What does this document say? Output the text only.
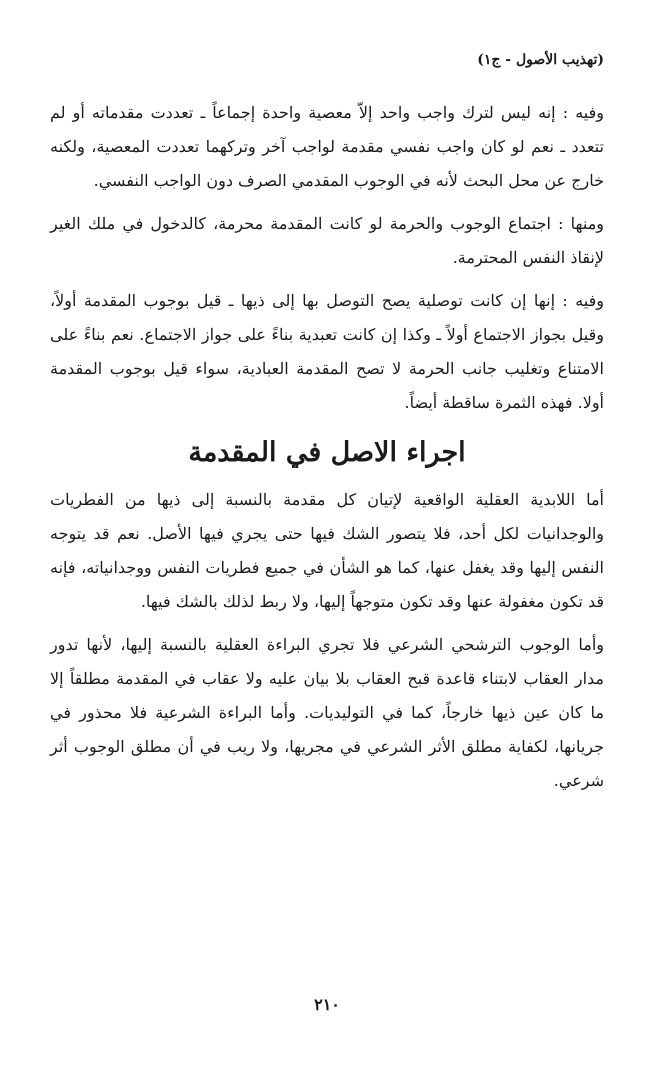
(تهذيب الأصول - ج١)

وفيه : إنه ليس لترك واجب واحد إلاّ معصية واحدة إجماعاً ـ تعددت مقدماته أو لم تتعدد ـ نعم لو كان واجب نفسي مقدمة لواجب آخر وتركهما تعددت المعصية، ولكنه خارج عن محل البحث لأنه في الوجوب المقدمي الصرف دون الواجب النفسي.

ومنها : اجتماع الوجوب والحرمة لو كانت المقدمة محرمة، كالدخول في ملك الغير لإنقاذ النفس المحترمة.

وفيه : إنها إن كانت توصلية يصح التوصل بها إلى ذيها ـ قيل بوجوب المقدمة أولاً، وقيل بجواز الاجتماع أولاً ـ وكذا إن كانت تعبدية بناءً على جواز الاجتماع. نعم بناءً على الامتناع وتغليب جانب الحرمة لا تصح المقدمة العبادية، سواء قيل بوجوب المقدمة أولا. فهذه الثمرة ساقطة أيضاً.

اجراء الاصل في المقدمة

أما اللابدية العقلية الواقعية لإتيان كل مقدمة بالنسبة إلى ذيها من الفطريات والوجدانيات لكل أحد، فلا يتصور الشك فيها حتى يجري فيها الأصل. نعم قد يتوجه النفس إليها وقد يغفل عنها، كما هو الشأن في جميع فطريات النفس ووجدانياته، فإنه قد تكون مغفولة عنها وقد تكون متوجهاً إليها، ولا ربط لذلك بالشك فيها.

وأما الوجوب الترشحي الشرعي فلا تجري البراءة العقلية بالنسبة إليها، لأنها تدور مدار العقاب لابتناء قاعدة قبح العقاب بلا بيان عليه ولا عقاب في المقدمة مطلقاً إلا ما كان عين ذيها خارجاً، كما في التوليديات. وأما البراءة الشرعية فلا محذور في جريانها، لكفاية مطلق الأثر الشرعي في مجريها، ولا ريب في أن مطلق الوجوب أثر شرعي.

٢١٠
